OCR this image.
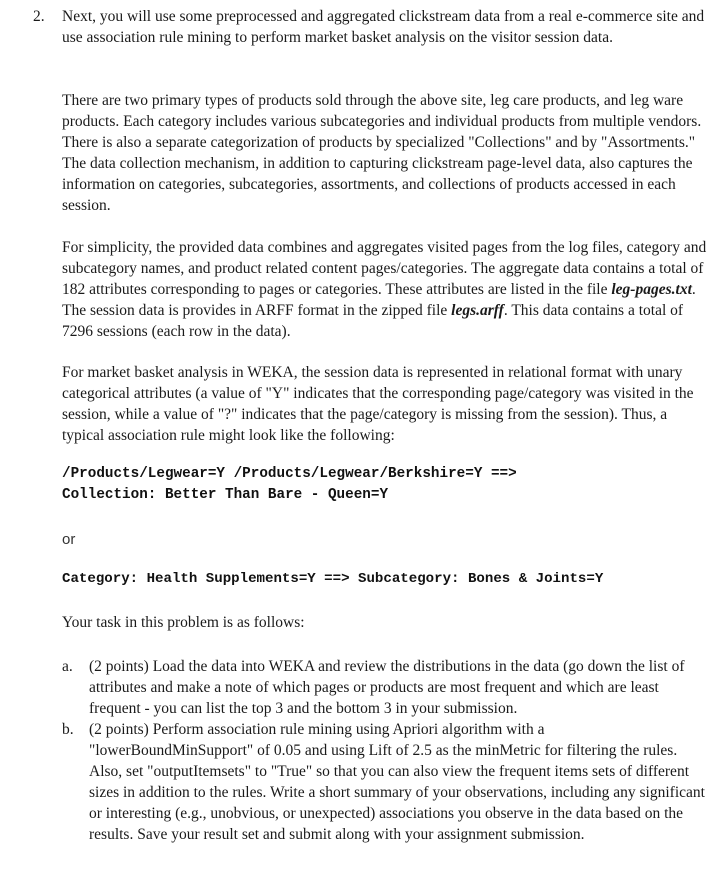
2. Next, you will use some preprocessed and aggregated clickstream data from a real e-commerce site and use association rule mining to perform market basket analysis on the visitor session data.

There are two primary types of products sold through the above site, leg care products, and leg ware products. Each category includes various subcategories and individual products from multiple vendors. There is also a separate categorization of products by specialized "Collections" and by "Assortments." The data collection mechanism, in addition to capturing clickstream page-level data, also captures the information on categories, subcategories, assortments, and collections of products accessed in each session.

For simplicity, the provided data combines and aggregates visited pages from the log files, category and subcategory names, and product related content pages/categories. The aggregate data contains a total of 182 attributes corresponding to pages or categories. These attributes are listed in the file leg-pages.txt. The session data is provides in ARFF format in the zipped file legs.arff. This data contains a total of 7296 sessions (each row in the data).

For market basket analysis in WEKA, the session data is represented in relational format with unary categorical attributes (a value of "Y" indicates that the corresponding page/category was visited in the session, while a value of "?" indicates that the page/category is missing from the session). Thus, a typical association rule might look like the following:

/Products/Legwear=Y /Products/Legwear/Berkshire=Y ==>
Collection: Better Than Bare - Queen=Y

or

Category: Health Supplements=Y ==> Subcategory: Bones & Joints=Y

Your task in this problem is as follows:

a. (2 points) Load the data into WEKA and review the distributions in the data (go down the list of attributes and make a note of which pages or products are most frequent and which are least frequent - you can list the top 3 and the bottom 3 in your submission.

b. (2 points) Perform association rule mining using Apriori algorithm with a "lowerBoundMinSupport" of 0.05 and using Lift of 2.5 as the minMetric for filtering the rules. Also, set "outputItemsets" to "True" so that you can also view the frequent items sets of different sizes in addition to the rules. Write a short summary of your observations, including any significant or interesting (e.g., unobvious, or unexpected) associations you observe in the data based on the results. Save your result set and submit along with your assignment submission.
